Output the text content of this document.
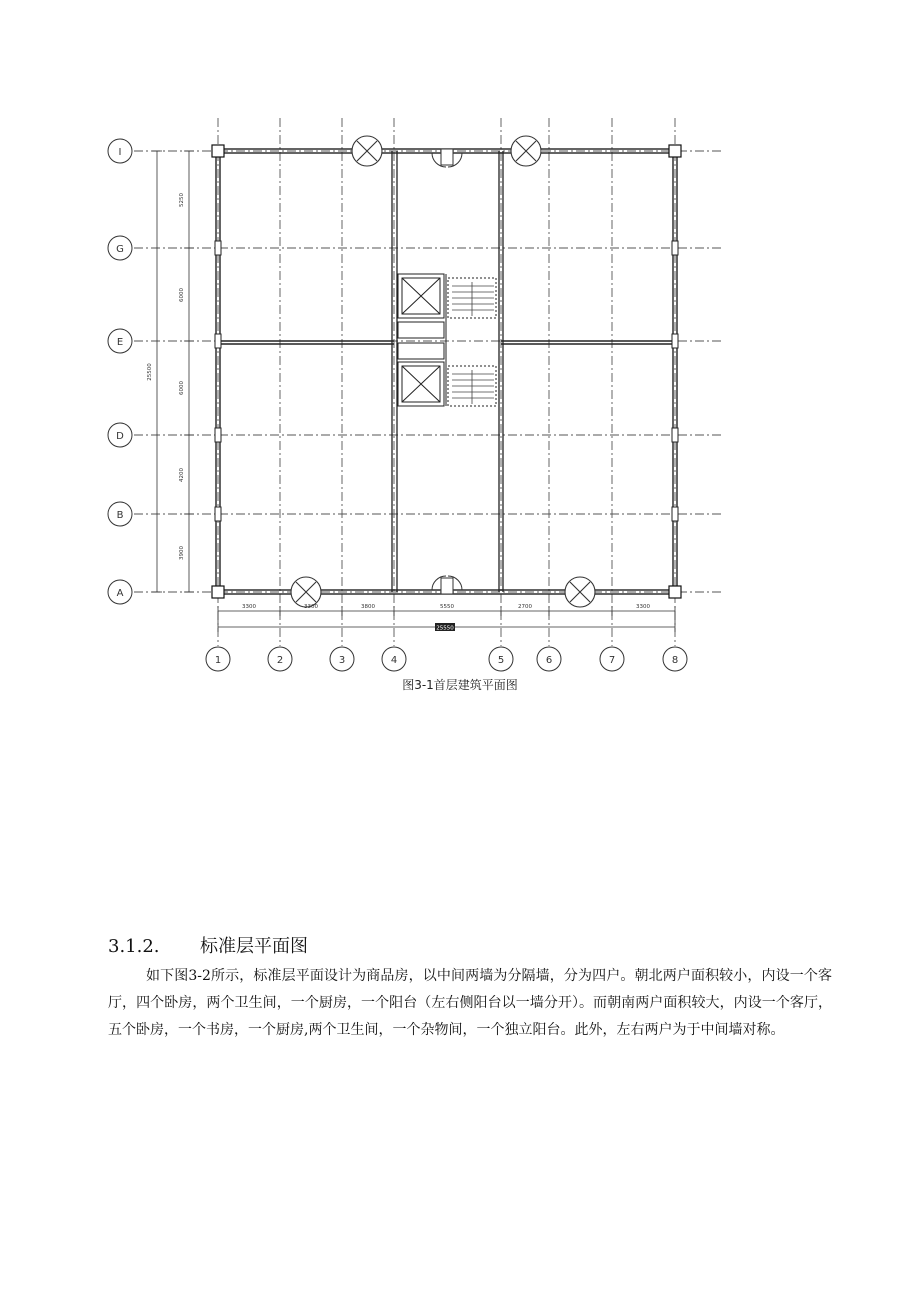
5250
6000
6000
4200
3900
25500
3300	3300	3800	5550	2700	3300
25550
I
G
E
D
B
A
1	2	3	4	5	6	7	8
图3-1首层建筑平面图
3.1.2. 标准层平面图
如下图3-2所示，标准层平面设计为商品房，以中间两墙为分隔墙，分为四户。朝北两户面积较小，内设一个客厅，四个卧房，两个卫生间，一个厨房，一个阳台（左右侧阳台以一墙分开）。而朝南两户面积较大，内设一个客厅，五个卧房，一个书房，一个厨房,两个卫生间，一个杂物间，一个独立阳台。此外，左右两户为于中间墙对称。
